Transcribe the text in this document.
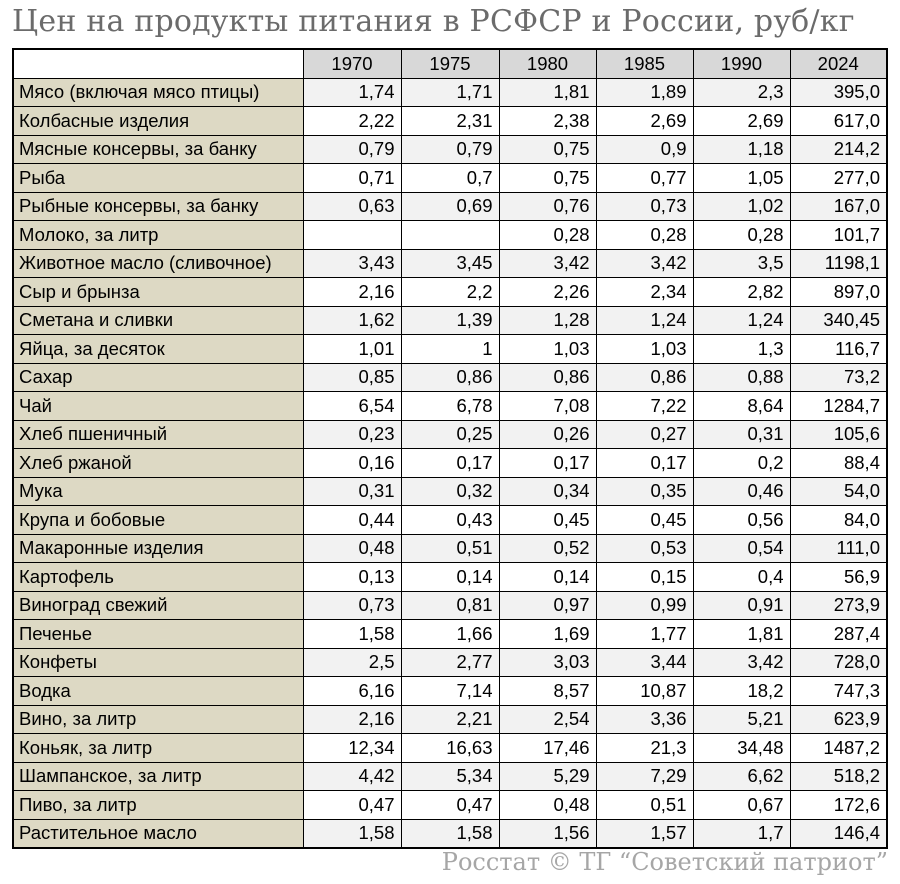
Цен на продукты питания в РСФСР и России, руб/кг
	1970	1975	1980	1985	1990	2024
Мясо (включая мясо птицы)	1,74	1,71	1,81	1,89	2,3	395,0
Колбасные изделия	2,22	2,31	2,38	2,69	2,69	617,0
Мясные консервы, за банку	0,79	0,79	0,75	0,9	1,18	214,2
Рыба	0,71	0,7	0,75	0,77	1,05	277,0
Рыбные консервы, за банку	0,63	0,69	0,76	0,73	1,02	167,0
Молоко, за литр			0,28	0,28	0,28	101,7
Животное масло (сливочное)	3,43	3,45	3,42	3,42	3,5	1198,1
Сыр и брынза	2,16	2,2	2,26	2,34	2,82	897,0
Сметана и сливки	1,62	1,39	1,28	1,24	1,24	340,45
Яйца, за десяток	1,01	1	1,03	1,03	1,3	116,7
Сахар	0,85	0,86	0,86	0,86	0,88	73,2
Чай	6,54	6,78	7,08	7,22	8,64	1284,7
Хлеб пшеничный	0,23	0,25	0,26	0,27	0,31	105,6
Хлеб ржаной	0,16	0,17	0,17	0,17	0,2	88,4
Мука	0,31	0,32	0,34	0,35	0,46	54,0
Крупа и бобовые	0,44	0,43	0,45	0,45	0,56	84,0
Макаронные изделия	0,48	0,51	0,52	0,53	0,54	111,0
Картофель	0,13	0,14	0,14	0,15	0,4	56,9
Виноград свежий	0,73	0,81	0,97	0,99	0,91	273,9
Печенье	1,58	1,66	1,69	1,77	1,81	287,4
Конфеты	2,5	2,77	3,03	3,44	3,42	728,0
Водка	6,16	7,14	8,57	10,87	18,2	747,3
Вино, за литр	2,16	2,21	2,54	3,36	5,21	623,9
Коньяк, за литр	12,34	16,63	17,46	21,3	34,48	1487,2
Шампанское, за литр	4,42	5,34	5,29	7,29	6,62	518,2
Пиво, за литр	0,47	0,47	0,48	0,51	0,67	172,6
Растительное масло	1,58	1,58	1,56	1,57	1,7	146,4
Росстат © ТГ “Советский патриот”
